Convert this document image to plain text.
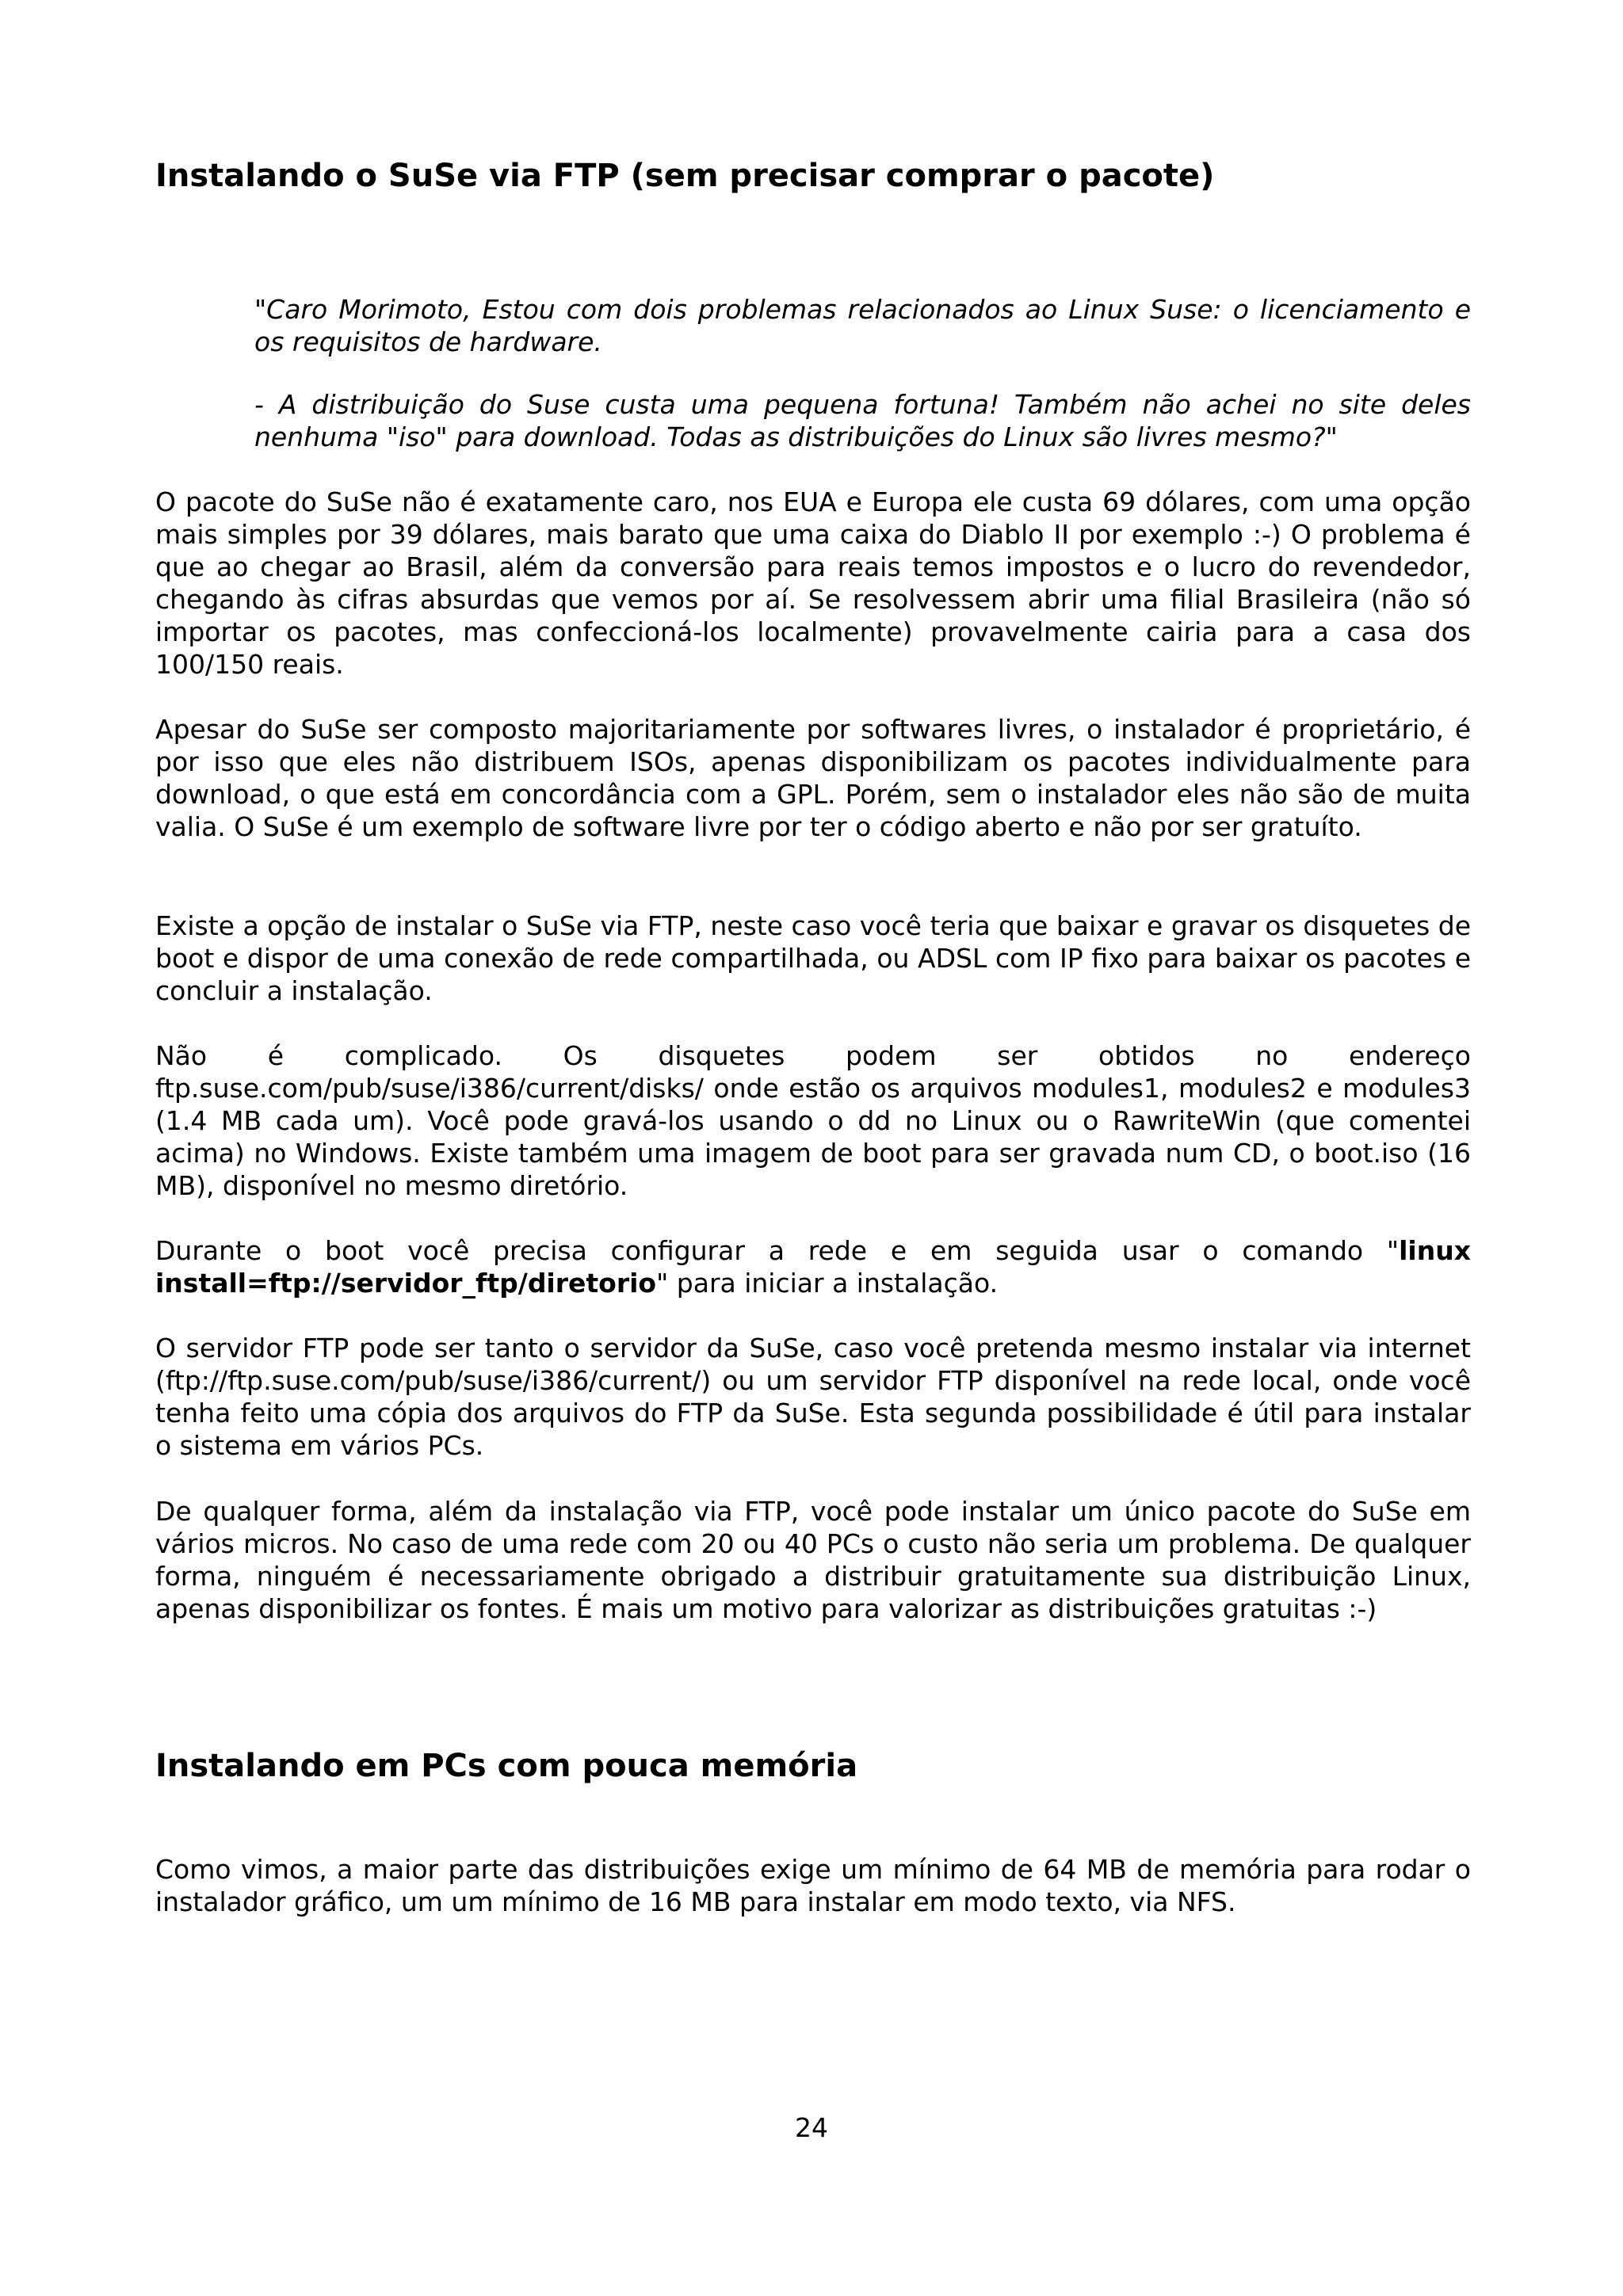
Instalando o SuSe via FTP (sem precisar comprar o pacote)

"Caro Morimoto, Estou com dois problemas relacionados ao Linux Suse: o licenciamento e os requisitos de hardware.

- A distribuição do Suse custa uma pequena fortuna! Também não achei no site deles nenhuma "iso" para download. Todas as distribuições do Linux são livres mesmo?"

O pacote do SuSe não é exatamente caro, nos EUA e Europa ele custa 69 dólares, com uma opção mais simples por 39 dólares, mais barato que uma caixa do Diablo II por exemplo :-) O problema é que ao chegar ao Brasil, além da conversão para reais temos impostos e o lucro do revendedor, chegando às cifras absurdas que vemos por aí. Se resolvessem abrir uma filial Brasileira (não só importar os pacotes, mas confeccioná-los localmente) provavelmente cairia para a casa dos 100/150 reais.

Apesar do SuSe ser composto majoritariamente por softwares livres, o instalador é proprietário, é por isso que eles não distribuem ISOs, apenas disponibilizam os pacotes individualmente para download, o que está em concordância com a GPL. Porém, sem o instalador eles não são de muita valia. O SuSe é um exemplo de software livre por ter o código aberto e não por ser gratuíto.

Existe a opção de instalar o SuSe via FTP, neste caso você teria que baixar e gravar os disquetes de boot e dispor de uma conexão de rede compartilhada, ou ADSL com IP fixo para baixar os pacotes e concluir a instalação.

Não é complicado. Os disquetes podem ser obtidos no endereço
ftp.suse.com/pub/suse/i386/current/disks/ onde estão os arquivos modules1, modules2 e modules3 (1.4 MB cada um). Você pode gravá-los usando o dd no Linux ou o RawriteWin (que comentei acima) no Windows. Existe também uma imagem de boot para ser gravada num CD, o boot.iso (16 MB), disponível no mesmo diretório.

Durante o boot você precisa configurar a rede e em seguida usar o comando "linux install=ftp://servidor_ftp/diretorio" para iniciar a instalação.

O servidor FTP pode ser tanto o servidor da SuSe, caso você pretenda mesmo instalar via internet (ftp://ftp.suse.com/pub/suse/i386/current/) ou um servidor FTP disponível na rede local, onde você tenha feito uma cópia dos arquivos do FTP da SuSe. Esta segunda possibilidade é útil para instalar o sistema em vários PCs.

De qualquer forma, além da instalação via FTP, você pode instalar um único pacote do SuSe em vários micros. No caso de uma rede com 20 ou 40 PCs o custo não seria um problema. De qualquer forma, ninguém é necessariamente obrigado a distribuir gratuitamente sua distribuição Linux, apenas disponibilizar os fontes. É mais um motivo para valorizar as distribuições gratuitas :-)

Instalando em PCs com pouca memória

Como vimos, a maior parte das distribuições exige um mínimo de 64 MB de memória para rodar o instalador gráfico, um um mínimo de 16 MB para instalar em modo texto, via NFS.

24
